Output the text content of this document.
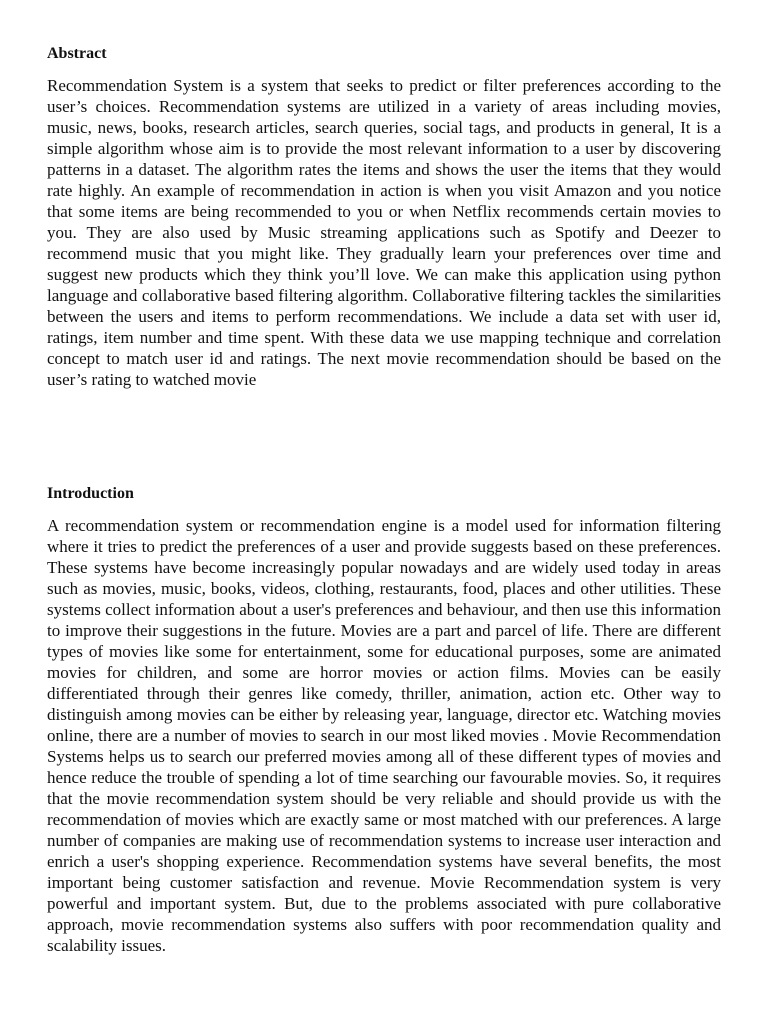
Abstract

Recommendation System is a system that seeks to predict or filter preferences according to the user’s choices. Recommendation systems are utilized in a variety of areas including movies, music, news, books, research articles, search queries, social tags, and products in general, It is a simple algorithm whose aim is to provide the most relevant information to a user by discovering patterns in a dataset. The algorithm rates the items and shows the user the items that they would rate highly. An example of recommendation in action is when you visit Amazon and you notice that some items are being recommended to you or when Netflix recommends certain movies to you. They are also used by Music streaming applications such as Spotify and Deezer to recommend music that you might like. They gradually learn your preferences over time and suggest new products which they think you’ll love. We can make this application using python language and collaborative based filtering algorithm. Collaborative filtering tackles the similarities between the users and items to perform recommendations. We include a data set with user id, ratings, item number and time spent. With these data we use mapping technique and correlation concept to match user id and ratings. The next movie recommendation should be based on the user’s rating to watched movie

Introduction

A recommendation system or recommendation engine is a model used for information filtering where it tries to predict the preferences of a user and provide suggests based on these preferences. These systems have become increasingly popular nowadays and are widely used today in areas such as movies, music, books, videos, clothing, restaurants, food, places and other utilities. These systems collect information about a user's preferences and behaviour, and then use this information to improve their suggestions in the future. Movies are a part and parcel of life. There are different types of movies like some for entertainment, some for educational purposes, some are animated movies for children, and some are horror movies or action films. Movies can be easily differentiated through their genres like comedy, thriller, animation, action etc. Other way to distinguish among movies can be either by releasing year, language, director etc. Watching movies online, there are a number of movies to search in our most liked movies . Movie Recommendation Systems helps us to search our preferred movies among all of these different types of movies and hence reduce the trouble of spending a lot of time searching our favourable movies. So, it requires that the movie recommendation system should be very reliable and should provide us with the recommendation of movies which are exactly same or most matched with our preferences. A large number of companies are making use of recommendation systems to increase user interaction and enrich a user's shopping experience. Recommendation systems have several benefits, the most important being customer satisfaction and revenue. Movie Recommendation system is very powerful and important system. But, due to the problems associated with pure collaborative approach, movie recommendation systems also suffers with poor recommendation quality and scalability issues.
